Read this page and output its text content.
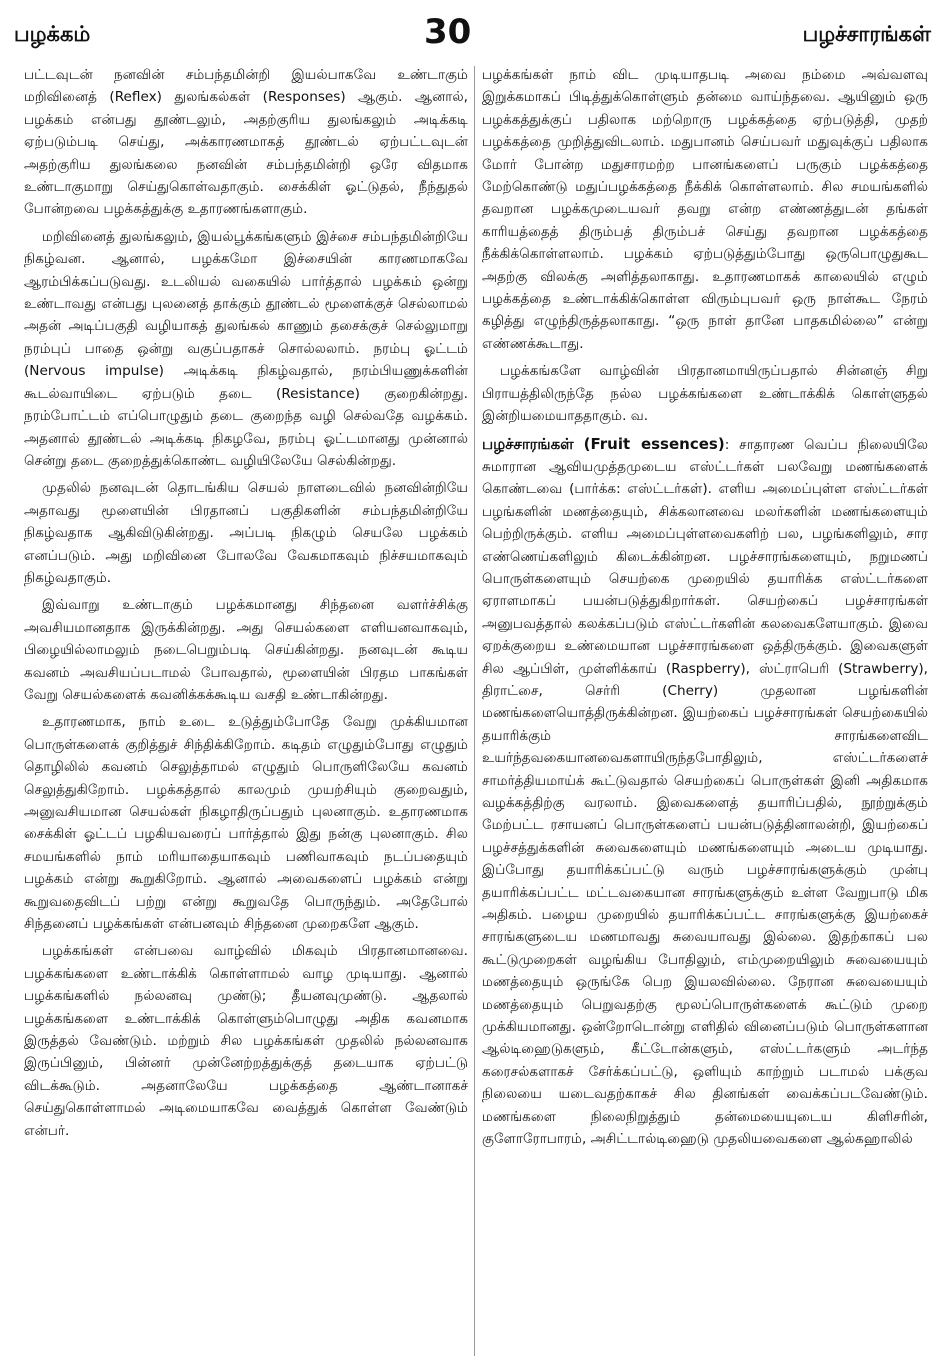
பழக்கம்	30	பழச்சாரங்கள்

பட்டவுடன் நனவின் சம்பந்தமின்றி இயல்பாகவே உண்டாகும் மறிவினைத் (Reflex) துலங்கல்கள் (Responses) ஆகும். ஆனால், பழக்கம் என்பது தூண்டலும், அதற்குரிய துலங்கலும் அடிக்கடி ஏற்படும்படி செய்து, அக்காரணமாகத் தூண்டல் ஏற்பட்டவுடன் அதற்குரிய துலங்கலை நனவின் சம்பந்தமின்றி ஒரே விதமாக உண்டாகுமாறு செய்துகொள்வதாகும். சைக்கிள் ஓட்டுதல், நீந்துதல் போன்றவை பழக்கத்துக்கு உதாரணங்களாகும்.

மறிவினைத் துலங்கலும், இயல்பூக்கங்களும் இச்சை சம்பந்தமின்றியே நிகழ்வன. ஆனால், பழக்கமோ இச்சையின் காரணமாகவே ஆரம்பிக்கப்படுவது. உடலியல் வகையில் பார்த்தால் பழக்கம் ஒன்று உண்டாவது என்பது புலனைத் தாக்கும் தூண்டல் மூளைக்குச் செல்லாமல் அதன் அடிப்பகுதி வழியாகத் துலங்கல் காணும் தசைக்குச் செல்லுமாறு நரம்புப் பாதை ஒன்று வகுப்பதாகச் சொல்லலாம். நரம்பு ஓட்டம் (Nervous impulse) அடிக்கடி நிகழ்வதால், நரம்பியணுக்களின் கூடல்வாயிடை ஏற்படும் தடை (Resistance) குறைகின்றது. நரம்போட்டம் எப்பொழுதும் தடை குறைந்த வழி செல்வதே வழக்கம். அதனால் தூண்டல் அடிக்கடி நிகழவே, நரம்பு ஓட்டமானது முன்னால் சென்று தடை குறைத்துக்கொண்ட வழியிலேயே செல்கின்றது.

முதலில் நனவுடன் தொடங்கிய செயல் நாளடைவில் நனவின்றியே அதாவது மூளையின் பிரதானப் பகுதிகளின் சம்பந்தமின்றியே நிகழ்வதாக ஆகிவிடுகின்றது. அப்படி நிகழும் செயலே பழக்கம் எனப்படும். அது மறிவினை போலவே வேகமாகவும் நிச்சயமாகவும் நிகழ்வதாகும்.

இவ்வாறு உண்டாகும் பழக்கமானது சிந்தனை வளர்ச்சிக்கு அவசியமானதாக இருக்கின்றது. அது செயல்களை எளியனவாகவும், பிழையில்லாமலும் நடைபெறும்படி செய்கின்றது. நனவுடன் கூடிய கவனம் அவசியப்படாமல் போவதால், மூளையின் பிரதம பாகங்கள் வேறு செயல்களைக் கவனிக்கக்கூடிய வசதி உண்டாகின்றது.

உதாரணமாக, நாம் உடை உடுத்தும்போதே வேறு முக்கியமான பொருள்களைக் குறித்துச் சிந்திக்கிறோம். கடிதம் எழுதும்போது எழுதும் தொழிலில் கவனம் செலுத்தாமல் எழுதும் பொருளிலேயே கவனம் செலுத்துகிறோம். பழக்கத்தால் காலமும் முயற்சியும் குறைவதும், அனுவசியமான செயல்கள் நிகழாதிருப்பதும் புலனாகும். உதாரணமாக சைக்கிள் ஓட்டப் பழகியவரைப் பார்த்தால் இது நன்கு புலனாகும். சில சமயங்களில் நாம் மரியாதையாகவும் பணிவாகவும் நடப்பதையும் பழக்கம் என்று கூறுகிறோம். ஆனால் அவைகளைப் பழக்கம் என்று கூறுவதைவிடப் பற்று என்று கூறுவதே பொருந்தும். அதேபோல் சிந்தனைப் பழக்கங்கள் என்பனவும் சிந்தனை முறைகளே ஆகும்.

பழக்கங்கள் என்பவை வாழ்வில் மிகவும் பிரதானமானவை. பழக்கங்களை உண்டாக்கிக் கொள்ளாமல் வாழ முடியாது. ஆனால் பழக்கங்களில் நல்லனவு முண்டு; தீயனவுமுண்டு. ஆதலால் பழக்கங்களை உண்டாக்கிக் கொள்ளும்பொழுது அதிக கவனமாக இருத்தல் வேண்டும். மற்றும் சில பழக்கங்கள் முதலில் நல்லனவாக இருப்பினும், பின்னர் முன்னேற்றத்துக்குத் தடையாக ஏற்பட்டு விடக்கூடும். அதனாலேயே பழக்கத்தை ஆண்டானாகச் செய்துகொள்ளாமல் அடிமையாகவே வைத்துக் கொள்ள வேண்டும் என்பர்.

பழக்கங்கள் நாம் விட முடியாதபடி அவை நம்மை அவ்வளவு இறுக்கமாகப் பிடித்துக்கொள்ளும் தன்மை வாய்ந்தவை. ஆயினும் ஒரு பழக்கத்துக்குப் பதிலாக மற்றொரு பழக்கத்தை ஏற்படுத்தி, முதற் பழக்கத்தை முறித்துவிடலாம். மதுபானம் செய்பவர் மதுவுக்குப் பதிலாக மோர் போன்ற மதுசாரமற்ற பானங்களைப் பருகும் பழக்கத்தை மேற்கொண்டு மதுப்பழக்கத்தை நீக்கிக் கொள்ளலாம். சில சமயங்களில் தவறான பழக்கமுடையவர் தவறு என்ற எண்ணத்துடன் தங்கள் காரியத்தைத் திரும்பத் திரும்பச் செய்து தவறான பழக்கத்தை நீக்கிக்கொள்ளலாம். பழக்கம் ஏற்படுத்தும்போது ஒருபொழுதுகூட அதற்கு விலக்கு அளித்தலாகாது. உதாரணமாகக் காலையில் எழும் பழக்கத்தை உண்டாக்கிக்கொள்ள விரும்புபவர் ஒரு நாள்கூட நேரம் கழித்து எழுந்திருத்தலாகாது. “ஒரு நாள் தானே பாதகமில்லை” என்று எண்ணக்கூடாது.

பழக்கங்களே வாழ்வின் பிரதானமாயிருப்பதால் சின்னஞ் சிறு பிராயத்திலிருந்தே நல்ல பழக்கங்களை உண்டாக்கிக் கொள்ளுதல் இன்றியமையாததாகும். வ.

பழச்சாரங்கள் (Fruit essences): சாதாரண வெப்ப நிலையிலே சுமாரான ஆவியமுத்தமுடைய எஸ்ட்டர்கள் பலவேறு மணங்களைக் கொண்டவை (பார்க்க: எஸ்ட்டர்கள்). எளிய அமைப்புள்ள எஸ்ட்டர்கள் பழங்களின் மணத்தையும், சிக்கலானவை மலர்களின் மணங்களையும் பெற்றிருக்கும். எளிய அமைப்புள்ளவைகளிற் பல, பழங்களிலும், சார எண்ணெய்களிலும் கிடைக்கின்றன. பழச்சாரங்களையும், நறுமணப் பொருள்களையும் செயற்கை முறையில் தயாரிக்க எஸ்ட்டர்களை ஏராளமாகப் பயன்படுத்துகிறார்கள். செயற்கைப் பழச்சாரங்கள் அனுபவத்தால் கலக்கப்படும் எஸ்ட்டர்களின் கலவைகளேயாகும். இவை ஏறக்குறைய உண்மையான பழச்சாரங்களை ஒத்திருக்கும். இவைகளுள் சில ஆப்பிள், முள்ளிக்காய் (Raspberry), ஸ்ட்ராபெரி (Strawberry), திராட்சை, செர்ரி (Cherry) முதலான பழங்களின் மணங்களையொத்திருக்கின்றன. இயற்கைப் பழச்சாரங்கள் செயற்கையில் தயாரிக்கும் சாரங்களைவிட உயர்ந்தவகையானவைகளாயிருந்தபோதிலும், எஸ்ட்டர்களைச் சாமர்த்தியமாய்க் கூட்டுவதால் செயற்கைப் பொருள்கள் இனி அதிகமாக வழக்கத்திற்கு வரலாம். இவைகளைத் தயாரிப்பதில், நூற்றுக்கும் மேற்பட்ட ரசாயனப் பொருள்களைப் பயன்படுத்தினாலன்றி, இயற்கைப் பழச்சத்துக்களின் சுவைகளையும் மணங்களையும் அடைய முடியாது. இப்போது தயாரிக்கப்பட்டு வரும் பழச்சாரங்களுக்கும் முன்பு தயாரிக்கப்பட்ட மட்டவகையான சாரங்களுக்கும் உள்ள வேறுபாடு மிக அதிகம். பழைய முறையில் தயாரிக்கப்பட்ட சாரங்களுக்கு இயற்கைச் சாரங்களுடைய மணமாவது சுவையாவது இல்லை. இதற்காகப் பல கூட்டுமுறைகள் வழங்கிய போதிலும், எம்முறையிலும் சுவையையும் மணத்தையும் ஒருங்கே பெற இயலவில்லை. நேரான சுவையையும் மணத்தையும் பெறுவதற்கு மூலப்பொருள்களைக் கூட்டும் முறை முக்கியமானது. ஒன்றோடொன்று எளிதில் வினைப்படும் பொருள்களான ஆல்டிஹைடுகளும், கீட்டோன்களும், எஸ்ட்டர்களும் அடர்ந்த கரைசல்களாகச் சேர்க்கப்பட்டு, ஒளியும் காற்றும் படாமல் பக்குவ நிலையை யடைவதற்காகச் சில தினங்கள் வைக்கப்படவேண்டும். மணங்களை நிலைநிறுத்தும் தன்மையையுடைய கிளிசரின், குளோரோபாரம், அசிட்டால்டிஹைடு முதலியவைகளை ஆல்கஹாலில்
